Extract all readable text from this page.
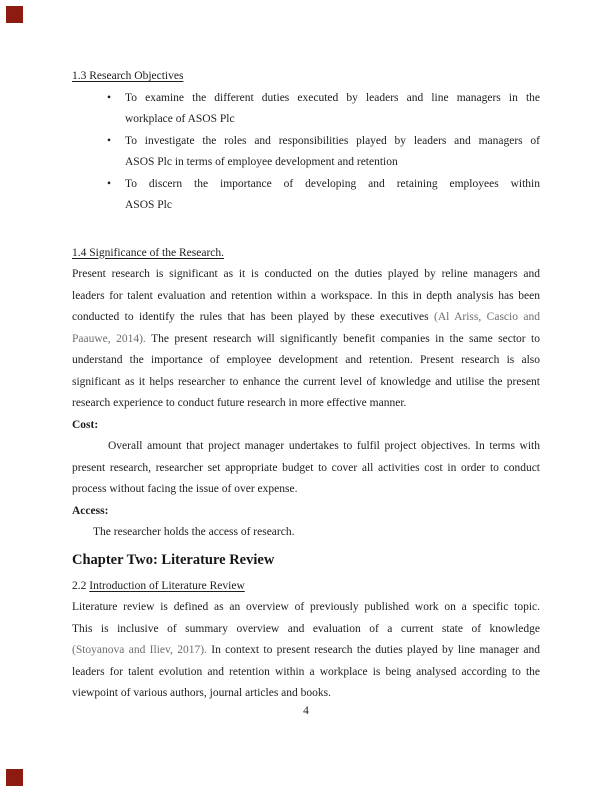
1.3 Research Objectives
• To examine the different duties executed by leaders and line managers in the
workplace of ASOS Plc
• To investigate the roles and responsibilities played by leaders and managers of
ASOS Plc in terms of employee development and retention
• To discern the importance of developing and retaining employees within
ASOS Plc
1.4 Significance of the Research.
Present research is significant as it is conducted on the duties played by reline managers and
leaders for talent evaluation and retention within a workspace. In this in depth analysis has been
conducted to identify the rules that has been played by these executives (Al Ariss, Cascio and
Paauwe, 2014). The present research will significantly benefit companies in the same sector to
understand the importance of employee development and retention. Present research is also
significant as it helps researcher to enhance the current level of knowledge and utilise the present
research experience to conduct future research in more effective manner.
Cost:
Overall amount that project manager undertakes to fulfil project objectives. In terms with
present research, researcher set appropriate budget to cover all activities cost in order to conduct
process without facing the issue of over expense.
Access:
The researcher holds the access of research.
Chapter Two: Literature Review
2.2 Introduction of Literature Review
Literature review is defined as an overview of previously published work on a specific topic.
This is inclusive of summary overview and evaluation of a current state of knowledge
(Stoyanova and Iliev, 2017). In context to present research the duties played by line manager and
leaders for talent evolution and retention within a workplace is being analysed according to the
viewpoint of various authors, journal articles and books.
4
